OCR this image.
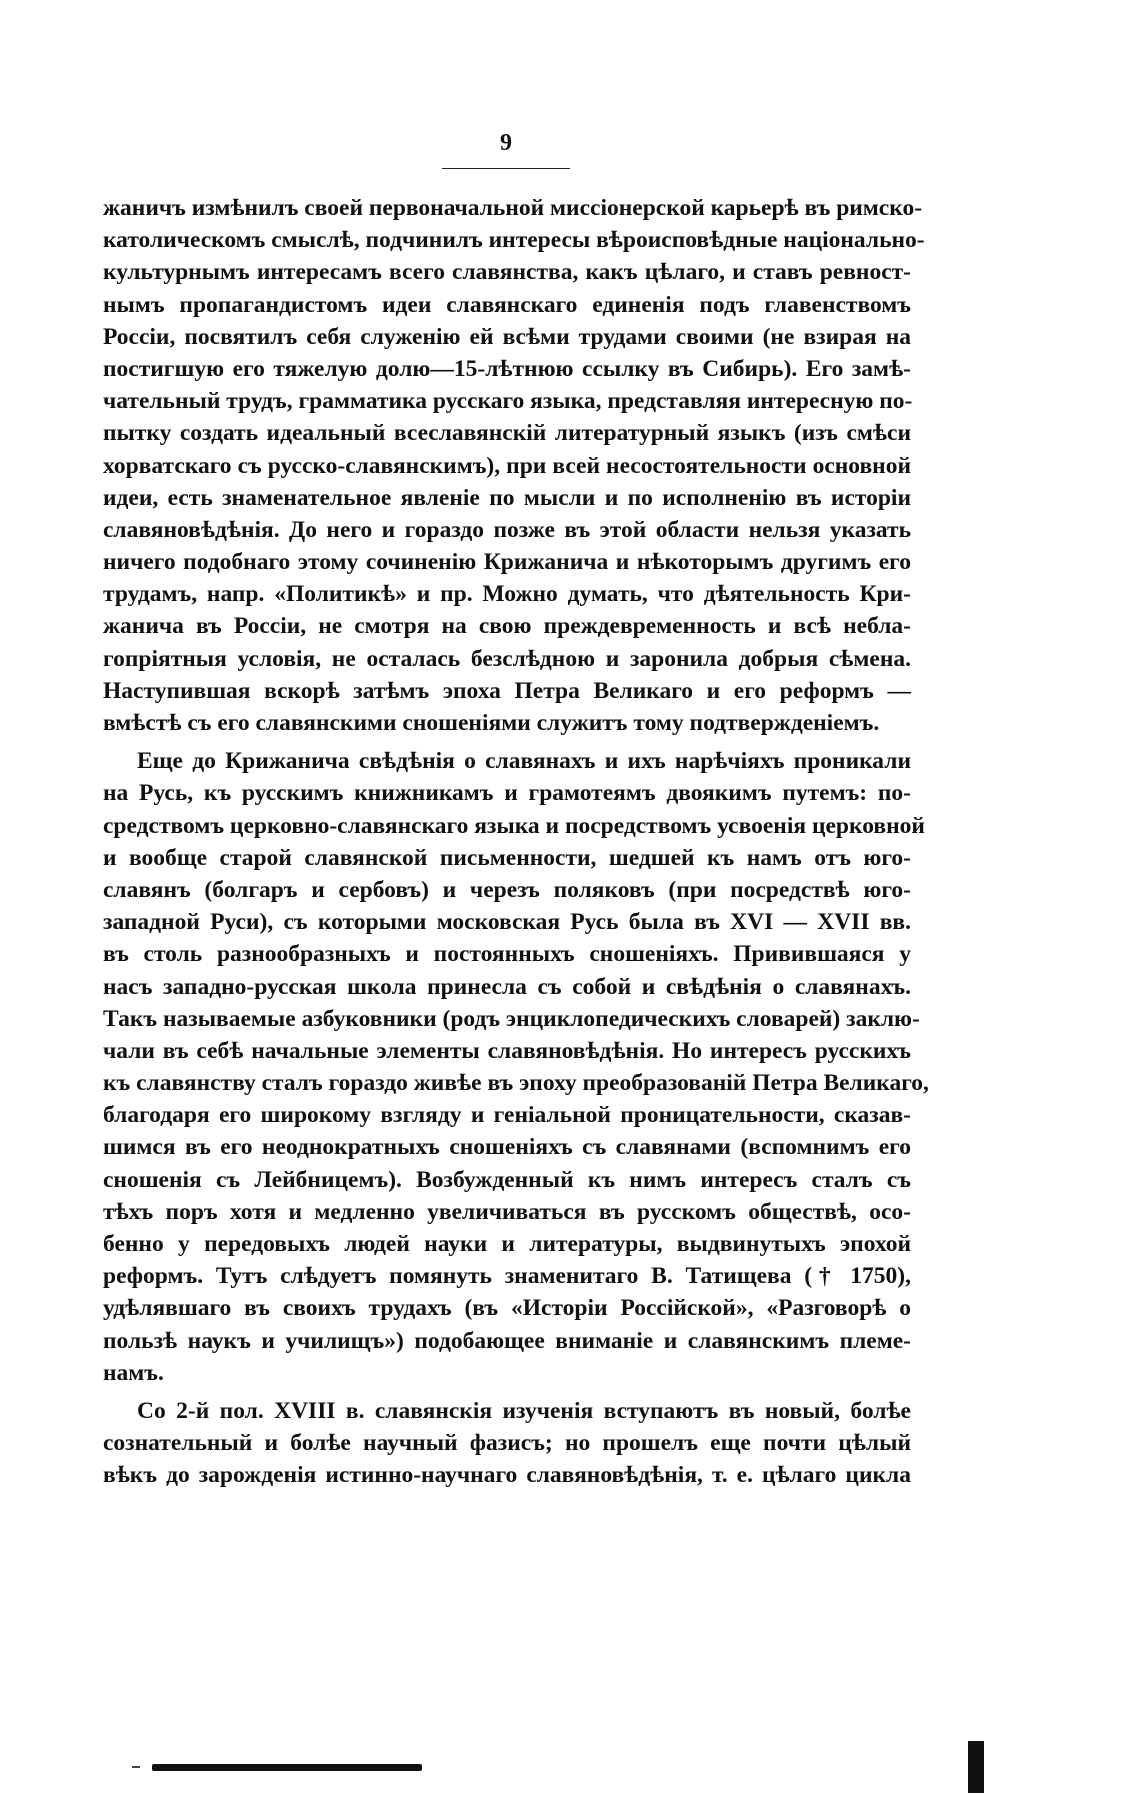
9
жаничъ измѣнилъ своей первоначальной миссіонерской карьерѣ въ римско-
католическомъ смыслѣ, подчинилъ интересы вѣроисповѣдные національно-
культурнымъ интересамъ всего славянства, какъ цѣлаго, и ставъ ревност-
нымъ пропагандистомъ идеи славянскаго единенія подъ главенствомъ
Россіи, посвятилъ себя служенію ей всѣми трудами своими (не взирая на
постигшую его тяжелую долю—15-лѣтнюю ссылку въ Сибирь). Его замѣ-
чательный трудъ, грамматика русскаго языка, представляя интересную по-
пытку создать идеальный всеславянскій литературный языкъ (изъ смѣси
хорватскаго съ русско-славянскимъ), при всей несостоятельности основной
идеи, есть знаменательное явленіе по мысли и по исполненію въ исторіи
славяновѣдѣнія. До него и гораздо позже въ этой области нельзя указать
ничего подобнаго этому сочиненію Крижанича и нѣкоторымъ другимъ его
трудамъ, напр. «Политикѣ» и пр. Можно думать, что дѣятельность Кри-
жанича въ Россіи, не смотря на свою преждевременность и всѣ небла-
гопріятныя условія, не осталась безслѣдною и заронила добрыя сѣмена.
Наступившая вскорѣ затѣмъ эпоха Петра Великаго и его реформъ —
вмѣстѣ съ его славянскими сношеніями служитъ тому подтвержденіемъ.
Еще до Крижанича свѣдѣнія о славянахъ и ихъ нарѣчіяхъ проникали
на Русь, къ русскимъ книжникамъ и грамотеямъ двоякимъ путемъ: по-
средствомъ церковно-славянскаго языка и посредствомъ усвоенія церковной
и вообще старой славянской письменности, шедшей къ намъ отъ юго-
славянъ (болгаръ и сербовъ) и черезъ поляковъ (при посредствѣ юго-
западной Руси), съ которыми московская Русь была въ XVI — XVII вв.
въ столь разнообразныхъ и постоянныхъ сношеніяхъ. Привившаяся у
насъ западно-русская школа принесла съ собой и свѣдѣнія о славянахъ.
Такъ называемые азбуковники (родъ энциклопедическихъ словарей) заклю-
чали въ себѣ начальные элементы славяновѣдѣнія. Но интересъ русскихъ
къ славянству сталъ гораздо живѣе въ эпоху преобразованій Петра Великаго,
благодаря его широкому взгляду и геніальной проницательности, сказав-
шимся въ его неоднократныхъ сношеніяхъ съ славянами (вспомнимъ его
сношенія съ Лейбницемъ). Возбужденный къ нимъ интересъ сталъ съ
тѣхъ поръ хотя и медленно увеличиваться въ русскомъ обществѣ, осо-
бенно у передовыхъ людей науки и литературы, выдвинутыхъ эпохой
реформъ. Тутъ слѣдуетъ помянуть знаменитаго В. Татищева († 1750),
удѣлявшаго въ своихъ трудахъ (въ «Исторіи Россійской», «Разговорѣ о
пользѣ наукъ и училищъ») подобающее вниманіе и славянскимъ племе-
намъ.
Со 2-й пол. XVIII в. славянскія изученія вступаютъ въ новый, болѣе
сознательный и болѣе научный фазисъ; но прошелъ еще почти цѣлый
вѣкъ до зарожденія истинно-научнаго славяновѣдѣнія, т. е. цѣлаго цикла
